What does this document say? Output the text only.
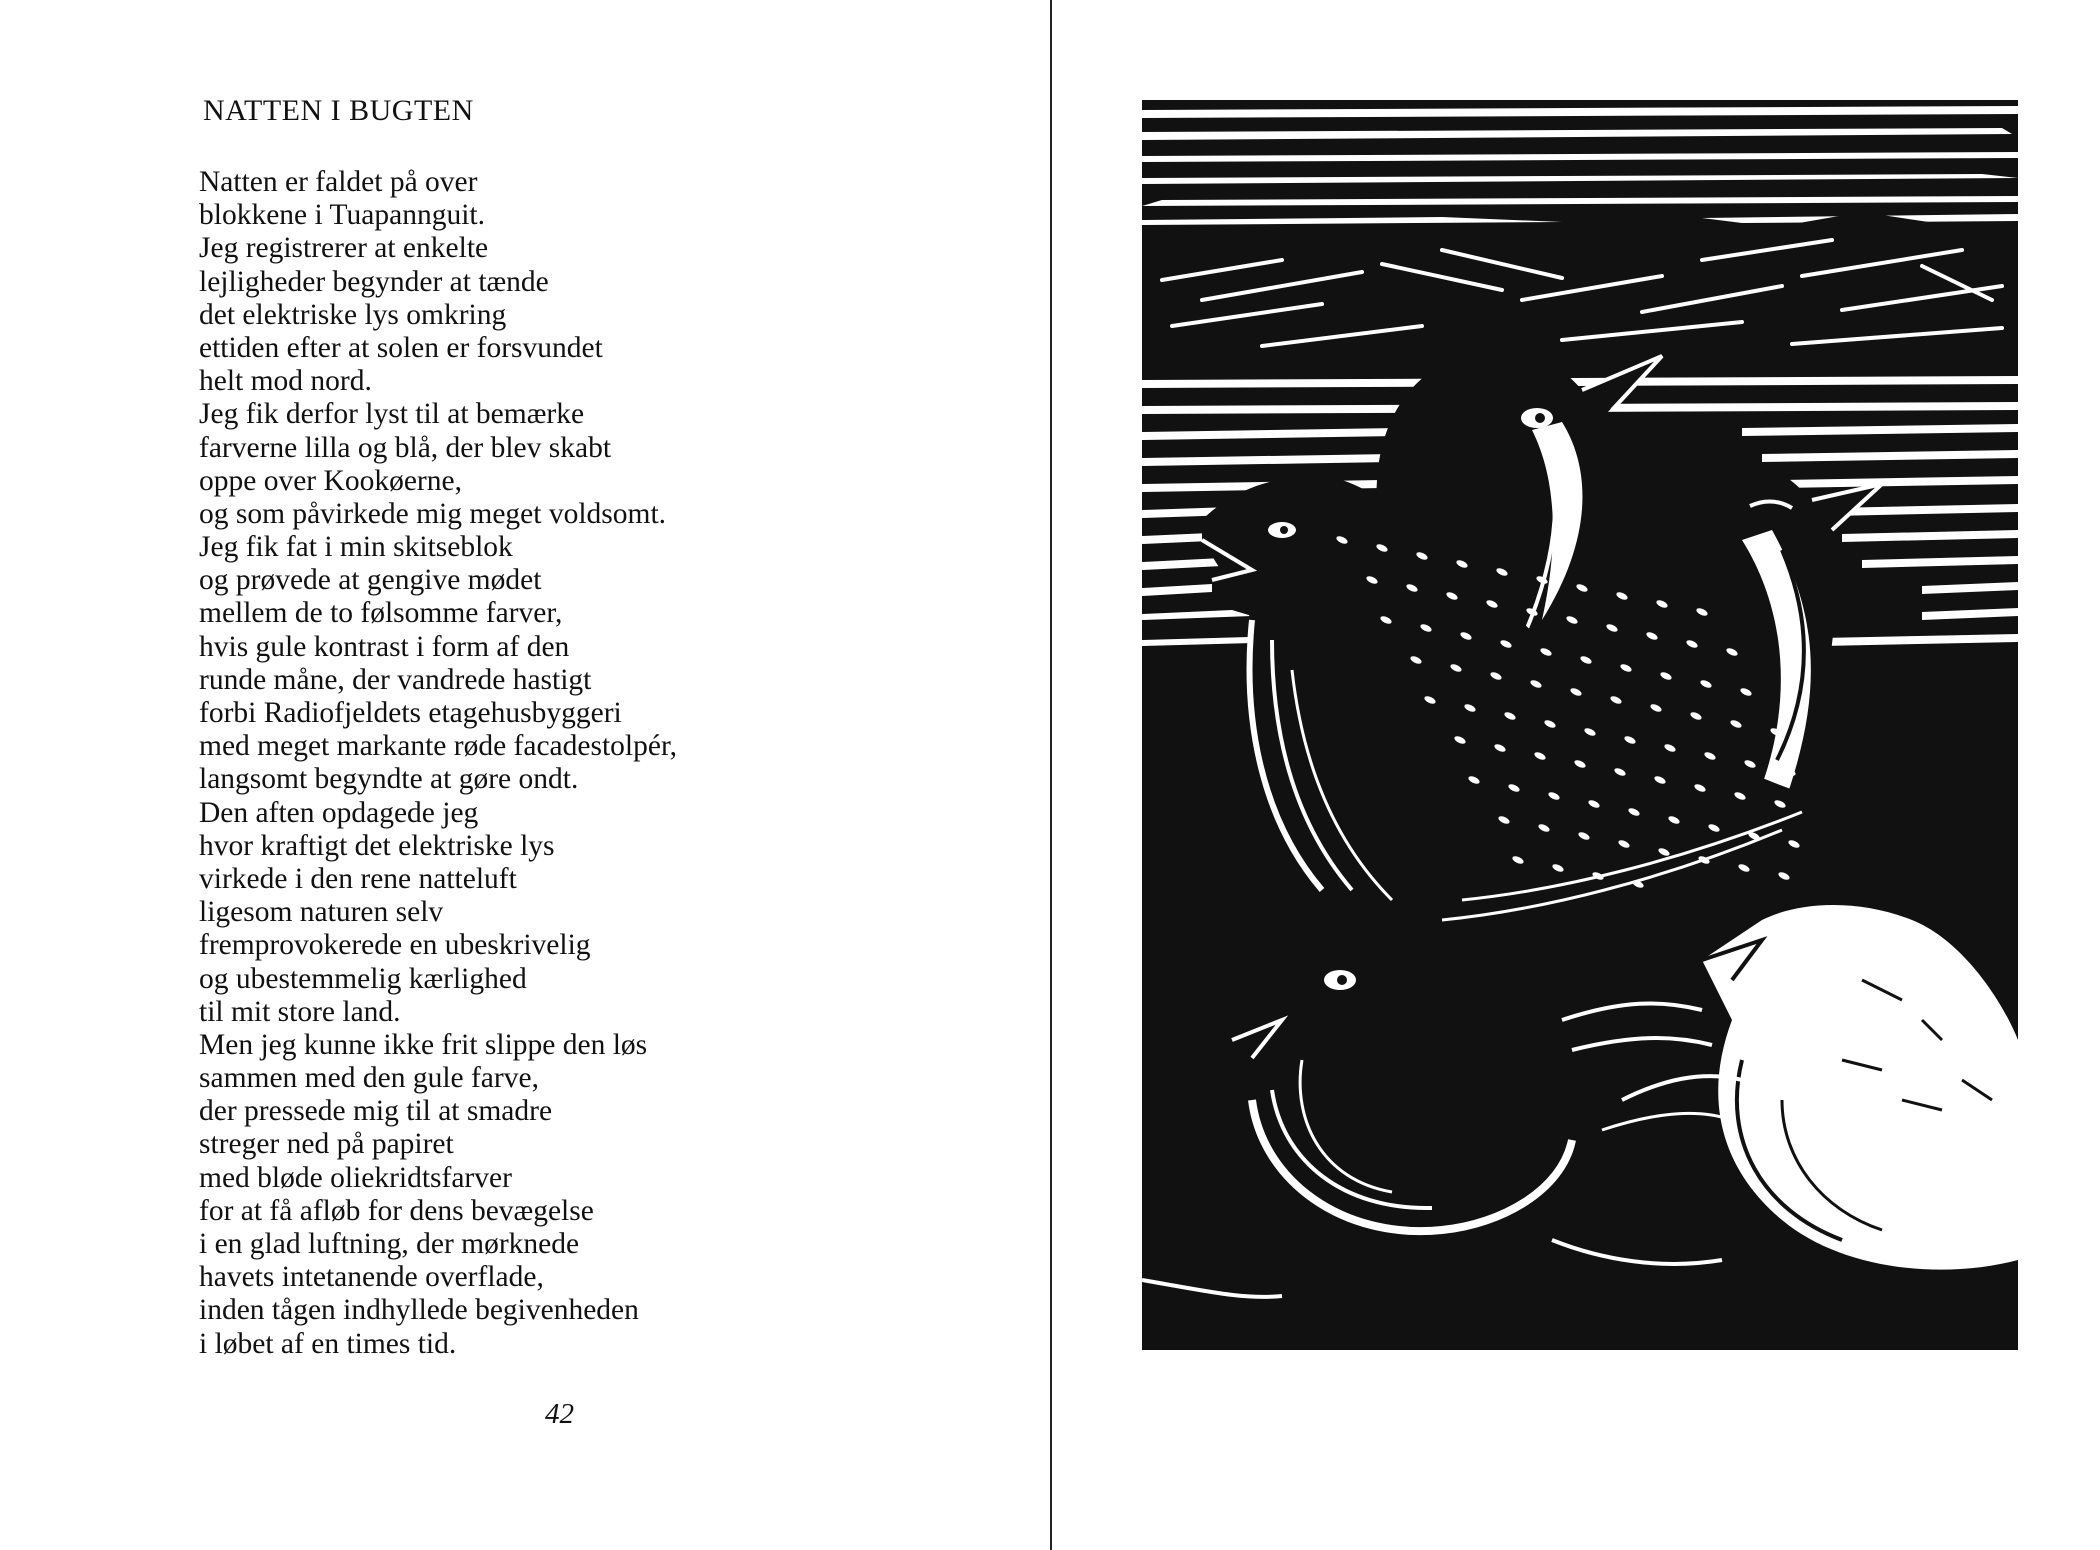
NATTEN I BUGTEN
Natten er faldet på over
blokkene i Tuapannguit.
Jeg registrerer at enkelte
lejligheder begynder at tænde
det elektriske lys omkring
ettiden efter at solen er forsvundet
helt mod nord.
Jeg fik derfor lyst til at bemærke
farverne lilla og blå, der blev skabt
oppe over Kookøerne,
og som påvirkede mig meget voldsomt.
Jeg fik fat i min skitseblok
og prøvede at gengive mødet
mellem de to følsomme farver,
hvis gule kontrast i form af den
runde måne, der vandrede hastigt
forbi Radiofjeldets etagehusbyggeri
med meget markante røde facadestolpér,
langsomt begyndte at gøre ondt.
Den aften opdagede jeg
hvor kraftigt det elektriske lys
virkede i den rene natteluft
ligesom naturen selv
fremprovokerede en ubeskrivelig
og ubestemmelig kærlighed
til mit store land.
Men jeg kunne ikke frit slippe den løs
sammen med den gule farve,
der pressede mig til at smadre
streger ned på papiret
med bløde oliekridtsfarver
for at få afløb for dens bevægelse
i en glad luftning, der mørknede
havets intetanende overflade,
inden tågen indhyllede begivenheden
i løbet af en times tid.
42
